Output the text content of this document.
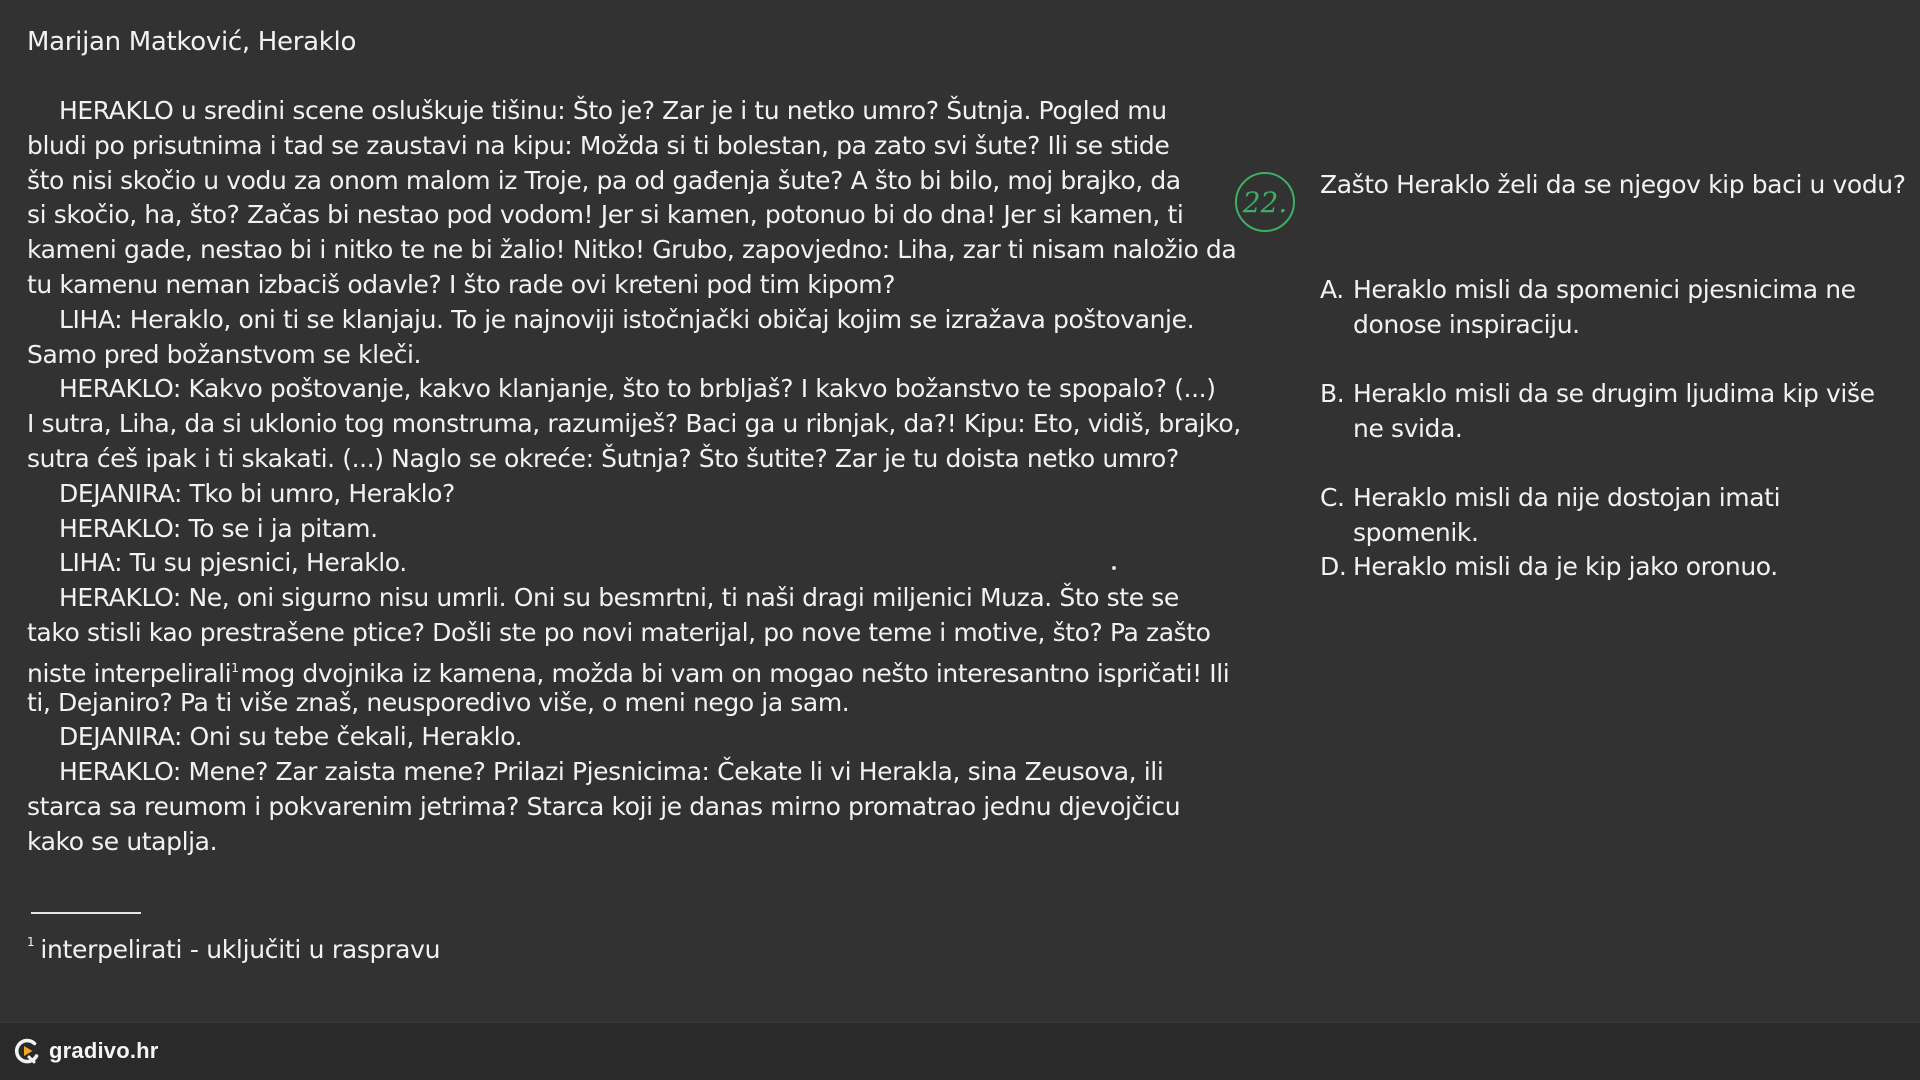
Marijan Matković, Heraklo
HERAKLO u sredini scene osluškuje tišinu: Što je? Zar je i tu netko umro? Šutnja. Pogled mu
bludi po prisutnima i tad se zaustavi na kipu: Možda si ti bolestan, pa zato svi šute? Ili se stide
što nisi skočio u vodu za onom malom iz Troje, pa od gađenja šute? A što bi bilo, moj brajko, da
si skočio, ha, što? Začas bi nestao pod vodom! Jer si kamen, potonuo bi do dna! Jer si kamen, ti
kameni gade, nestao bi i nitko te ne bi žalio! Nitko! Grubo, zapovjedno: Liha, zar ti nisam naložio da
tu kamenu neman izbaciš odavle? I što rade ovi kreteni pod tim kipom?
LIHA: Heraklo, oni ti se klanjaju. To je najnoviji istočnjački običaj kojim se izražava poštovanje.
Samo pred božanstvom se kleči.
HERAKLO: Kakvo poštovanje, kakvo klanjanje, što to brbljaš? I kakvo božanstvo te spopalo? (...)
I sutra, Liha, da si uklonio tog monstruma, razumiješ? Baci ga u ribnjak, da?! Kipu: Eto, vidiš, brajko,
sutra ćeš ipak i ti skakati. (...) Naglo se okreće: Šutnja? Što šutite? Zar je tu doista netko umro?
DEJANIRA: Tko bi umro, Heraklo?
HERAKLO: To se i ja pitam.
LIHA: Tu su pjesnici, Heraklo.
HERAKLO: Ne, oni sigurno nisu umrli. Oni su besmrtni, ti naši dragi miljenici Muza. Što ste se
tako stisli kao prestrašene ptice? Došli ste po novi materijal, po nove teme i motive, što? Pa zašto
niste interpelirali$^1$mog dvojnika iz kamena, možda bi vam on mogao nešto interesantno ispričati! Ili
ti, Dejaniro? Pa ti više znaš, neusporedivo više, o meni nego ja sam.
DEJANIRA: Oni su tebe čekali, Heraklo.
HERAKLO: Mene? Zar zaista mene? Prilazi Pjesnicima: Čekate li vi Herakla, sina Zeusova, ili
starca sa reumom i pokvarenim jetrima? Starca koji je danas mirno promatrao jednu djevojčicu
kako se utaplja.
$^1$ interpelirati - uključiti u raspravu
22.
Zašto Heraklo želi da se njegov kip baci u vodu?
A. Heraklo misli da spomenici pjesnicima ne donose inspiraciju.
B. Heraklo misli da se drugim ljudima kip više ne svida.
C. Heraklo misli da nije dostojan imati spomenik.
D. Heraklo misli da je kip jako oronuo.
gradivo.hr
